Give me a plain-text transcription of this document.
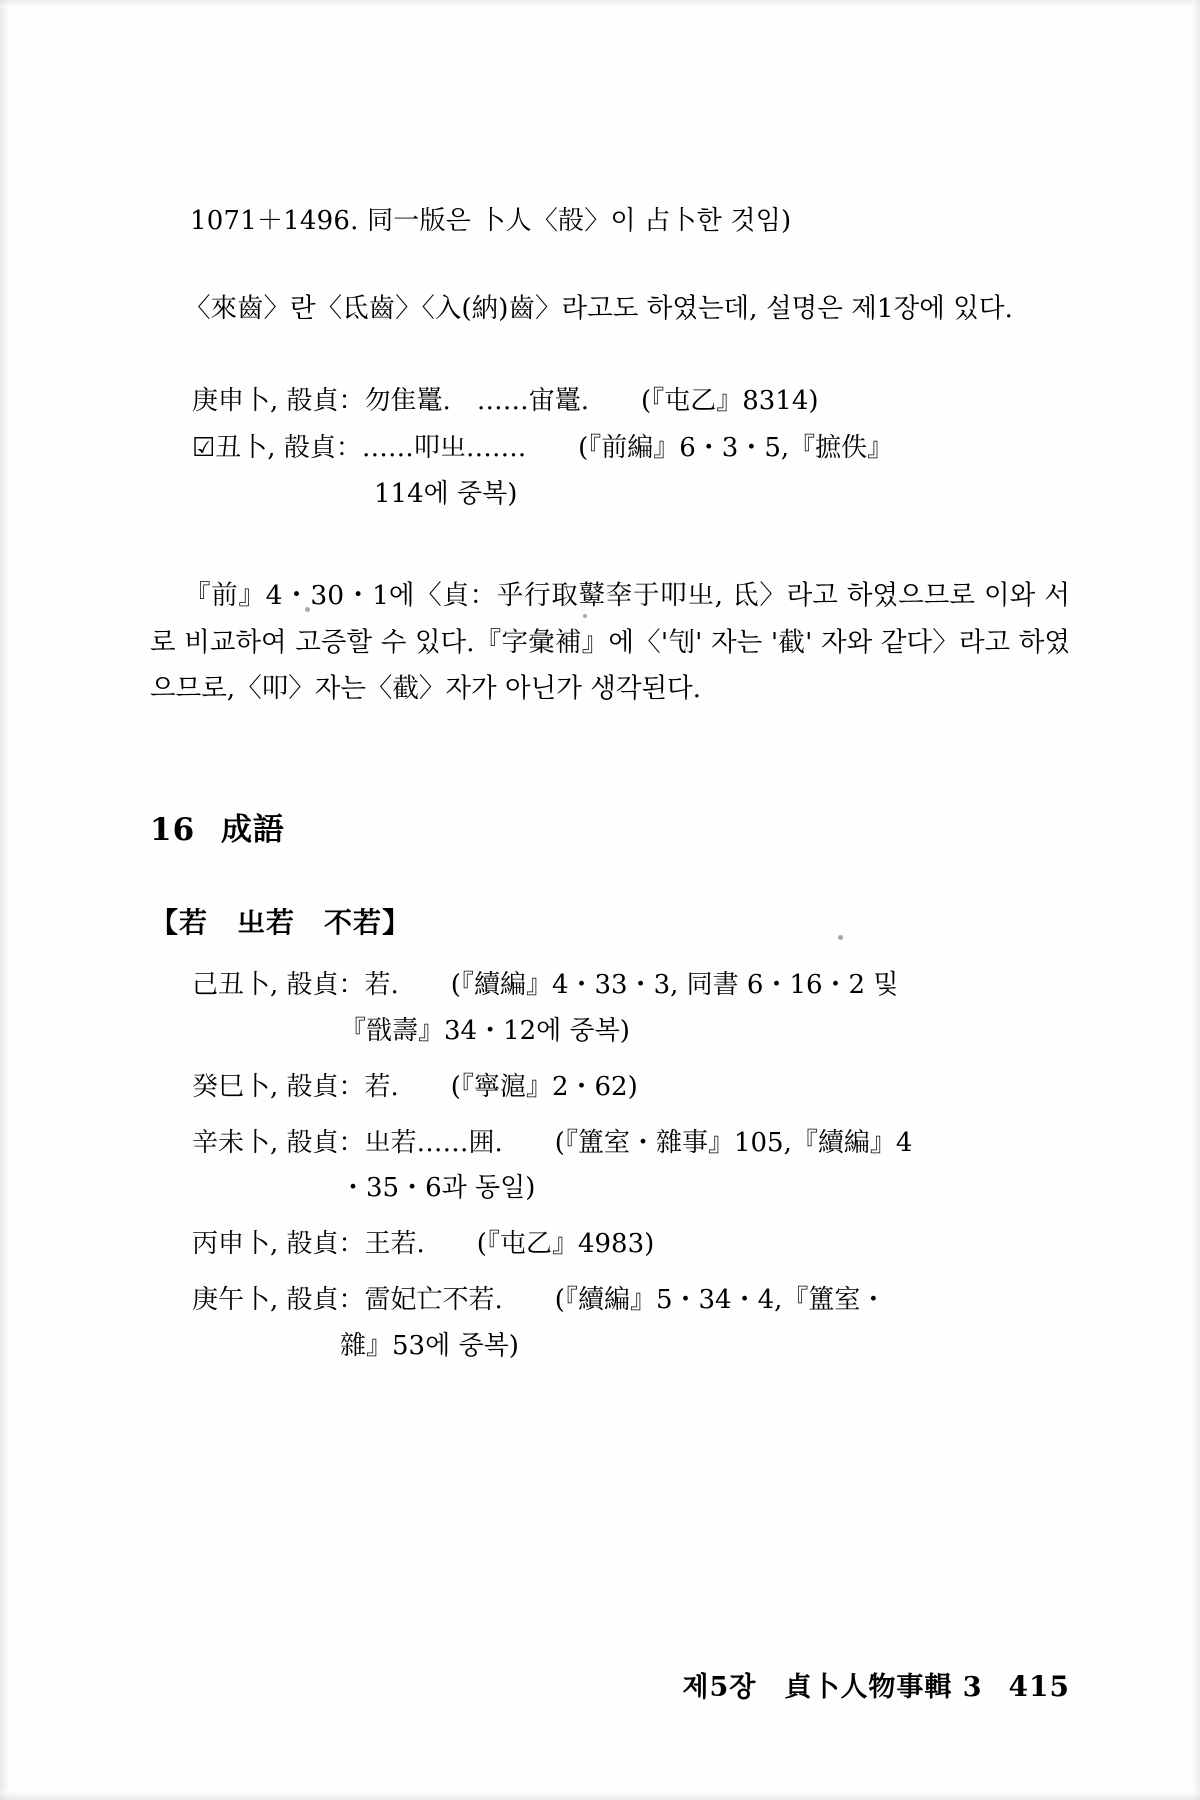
1071＋1496. 同一版은 卜人〈㱿〉이 占卜한 것임)

〈來齒〉란〈氐齒〉〈入(納)齒〉라고도 하였는데, 설명은 제1장에 있다.

庚申卜, 㱿貞：勿隹鼍.　……宙鼍.　　(『屯乙』8314)
☑丑卜, 㱿貞：……叩㞢…….　　(『前編』6・3・5,『摭佚』
114에 중복)

『前』4・30・1에〈貞：乎行取鼙㚔于叩㞢, 氐〉라고 하였으므로 이와 서로 비교하여 고증할 수 있다.『字彙補』에〈'刏' 자는 '截' 자와 같다〉라고 하였으므로,〈叩〉자는〈截〉자가 아닌가 생각된다.

16 成語

【若　㞢若　不若】

己丑卜, 㱿貞：若.　　(『續編』4・33・3, 同書 6・16・2 및
『戩壽』34・12에 중복)
癸巳卜, 㱿貞：若.　　(『寧滬』2・62)
辛未卜, 㱿貞：㞢若……囲.　　(『簠室・雜事』105,『續編』4
・35・6과 동일)
丙申卜, 㱿貞：王若.　　(『屯乙』4983)
庚午卜, 㱿貞：䨓妃亡不若.　　(『續編』5・34・4,『簠室・
雜』53에 중복)
제5장　貞卜人物事輯 3 415
